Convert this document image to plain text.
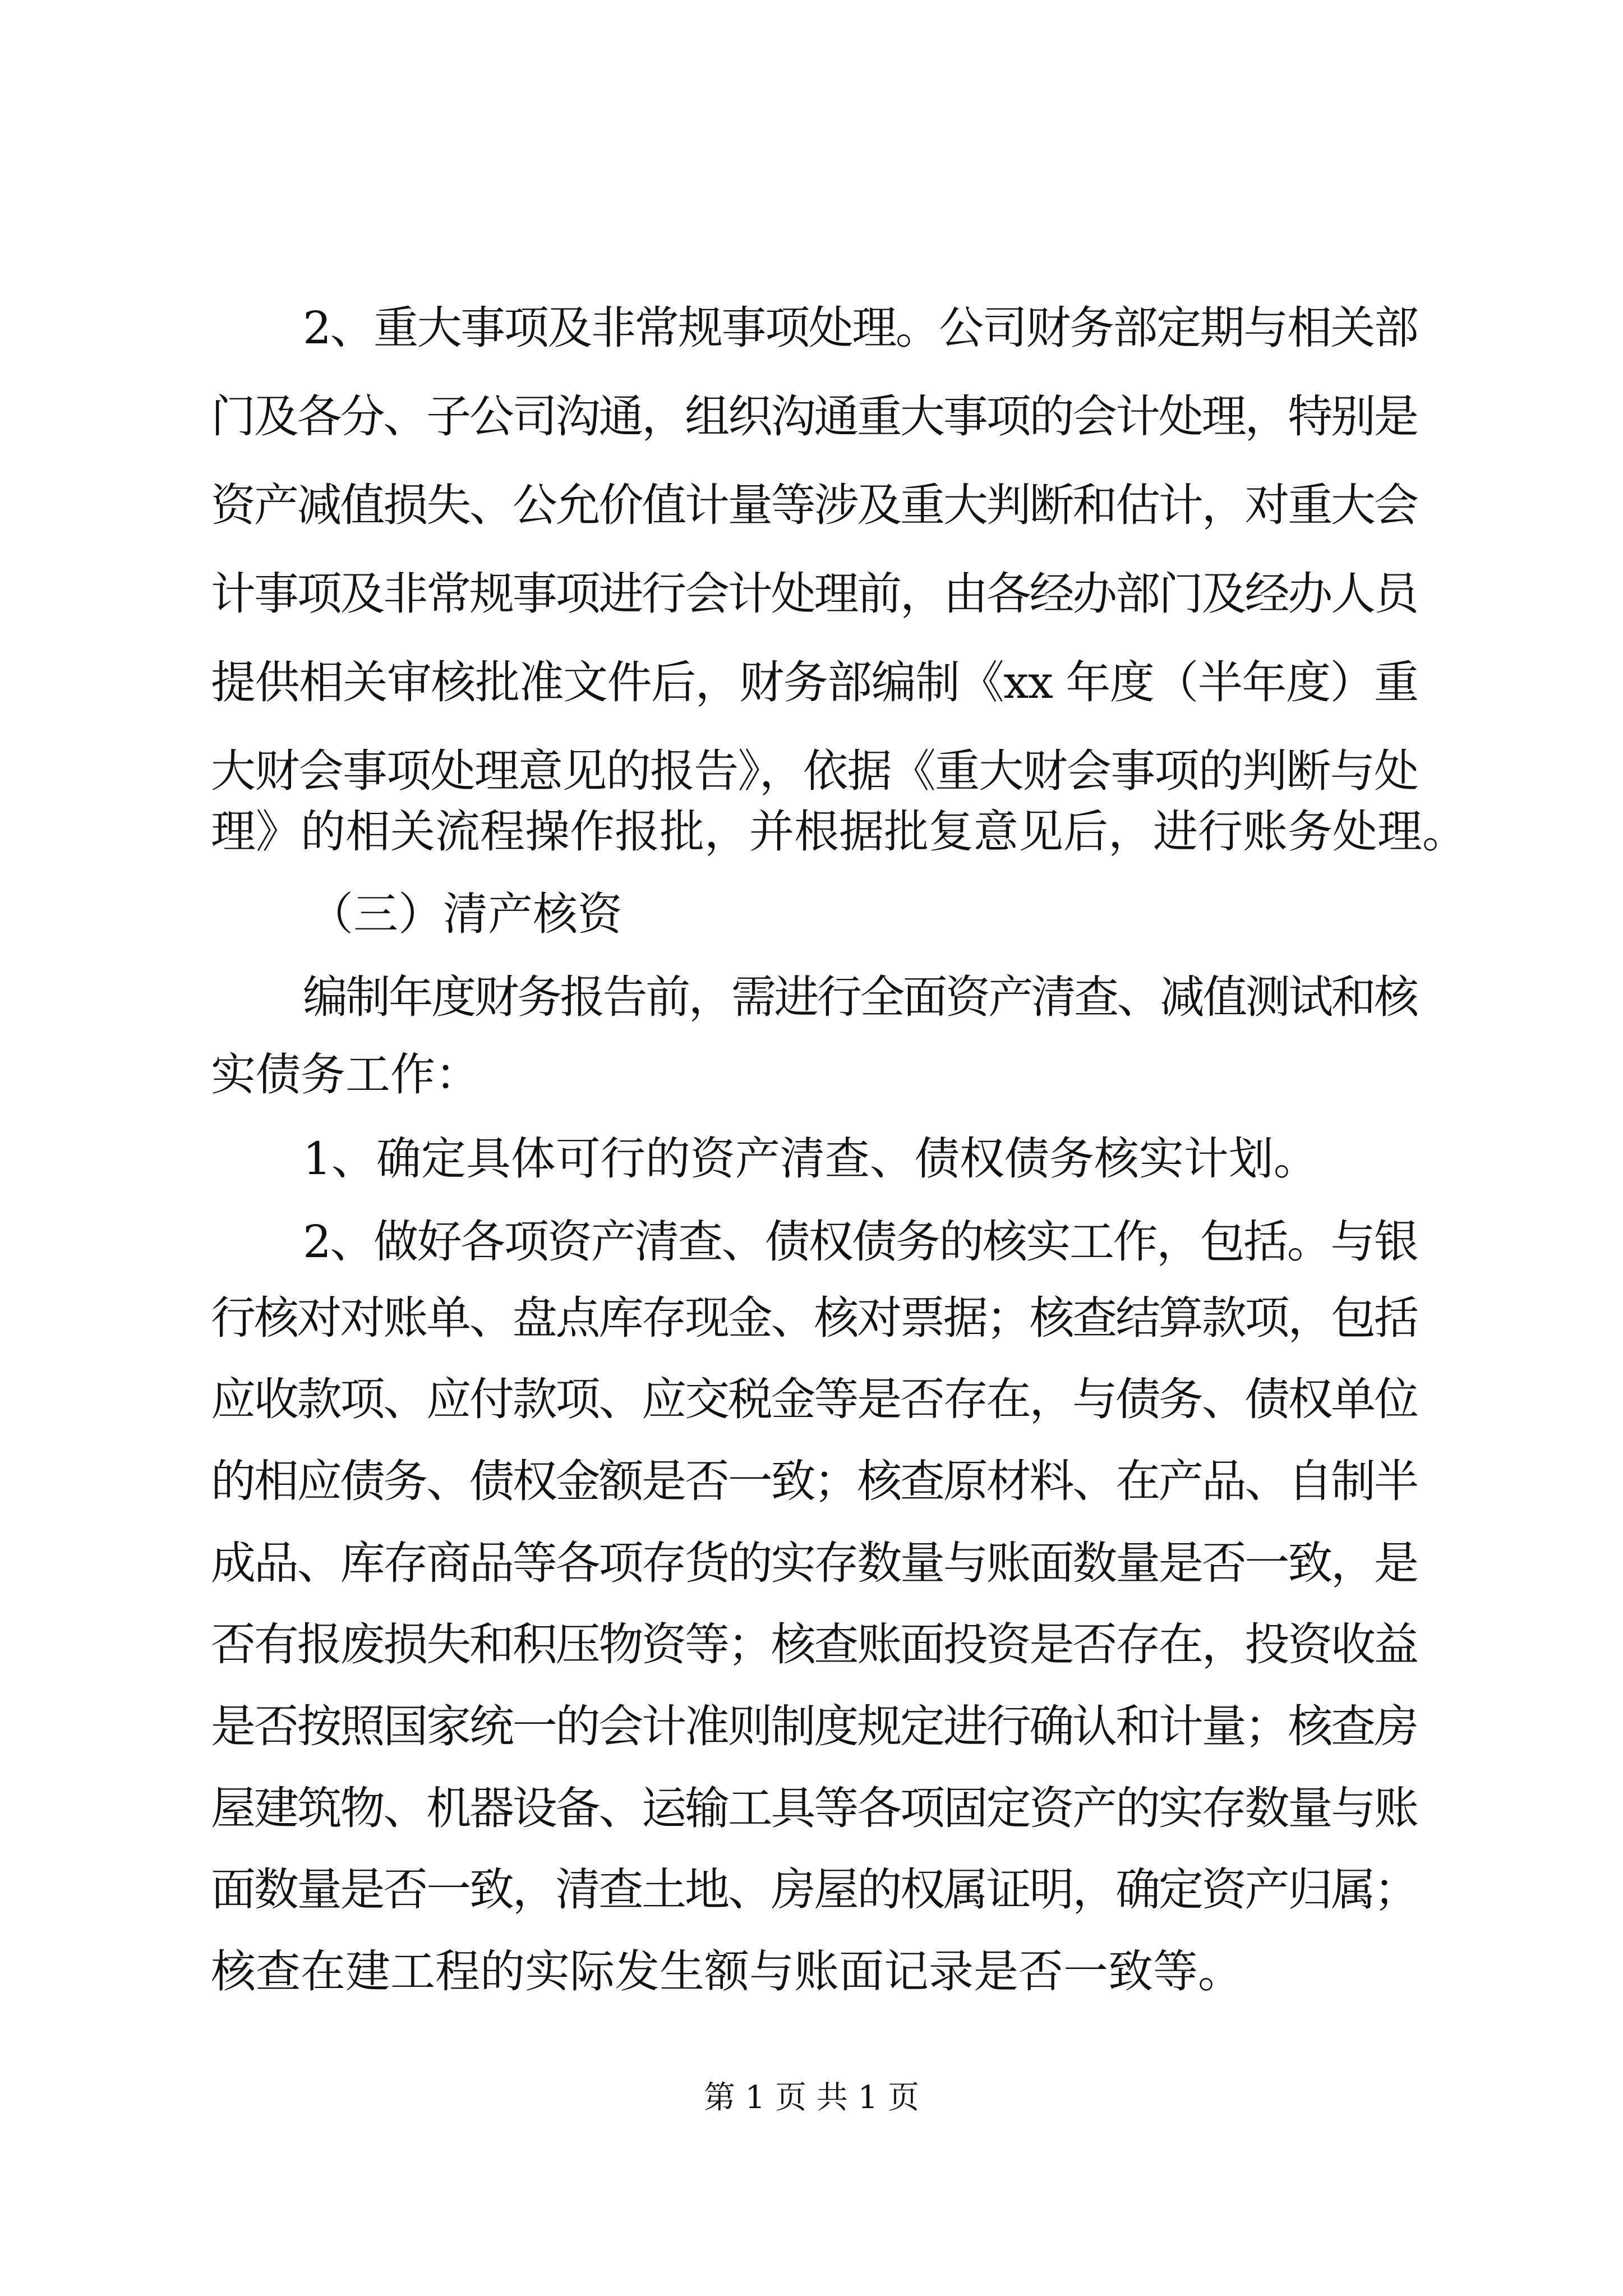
2、重大事项及非常规事项处理。公司财务部定期与相关部

门及各分、子公司沟通，组织沟通重大事项的会计处理，特别是

资产减值损失、公允价值计量等涉及重大判断和估计，对重大会

计事项及非常规事项进行会计处理前，由各经办部门及经办人员

提供相关审核批准文件后，财务部编制《xx 年度（半年度）重

大财会事项处理意见的报告》，依据《重大财会事项的判断与处

理》的相关流程操作报批，并根据批复意见后，进行账务处理。

（三）清产核资

编制年度财务报告前，需进行全面资产清查、减值测试和核

实债务工作：

1、确定具体可行的资产清查、债权债务核实计划。

2、做好各项资产清查、债权债务的核实工作，包括。与银

行核对对账单、盘点库存现金、核对票据；核查结算款项，包括

应收款项、应付款项、应交税金等是否存在，与债务、债权单位

的相应债务、债权金额是否一致；核查原材料、在产品、自制半

成品、库存商品等各项存货的实存数量与账面数量是否一致，是

否有报废损失和积压物资等；核查账面投资是否存在，投资收益

是否按照国家统一的会计准则制度规定进行确认和计量；核查房

屋建筑物、机器设备、运输工具等各项固定资产的实存数量与账

面数量是否一致，清查土地、房屋的权属证明，确定资产归属；

核查在建工程的实际发生额与账面记录是否一致等。

第 1 页 共 1 页
